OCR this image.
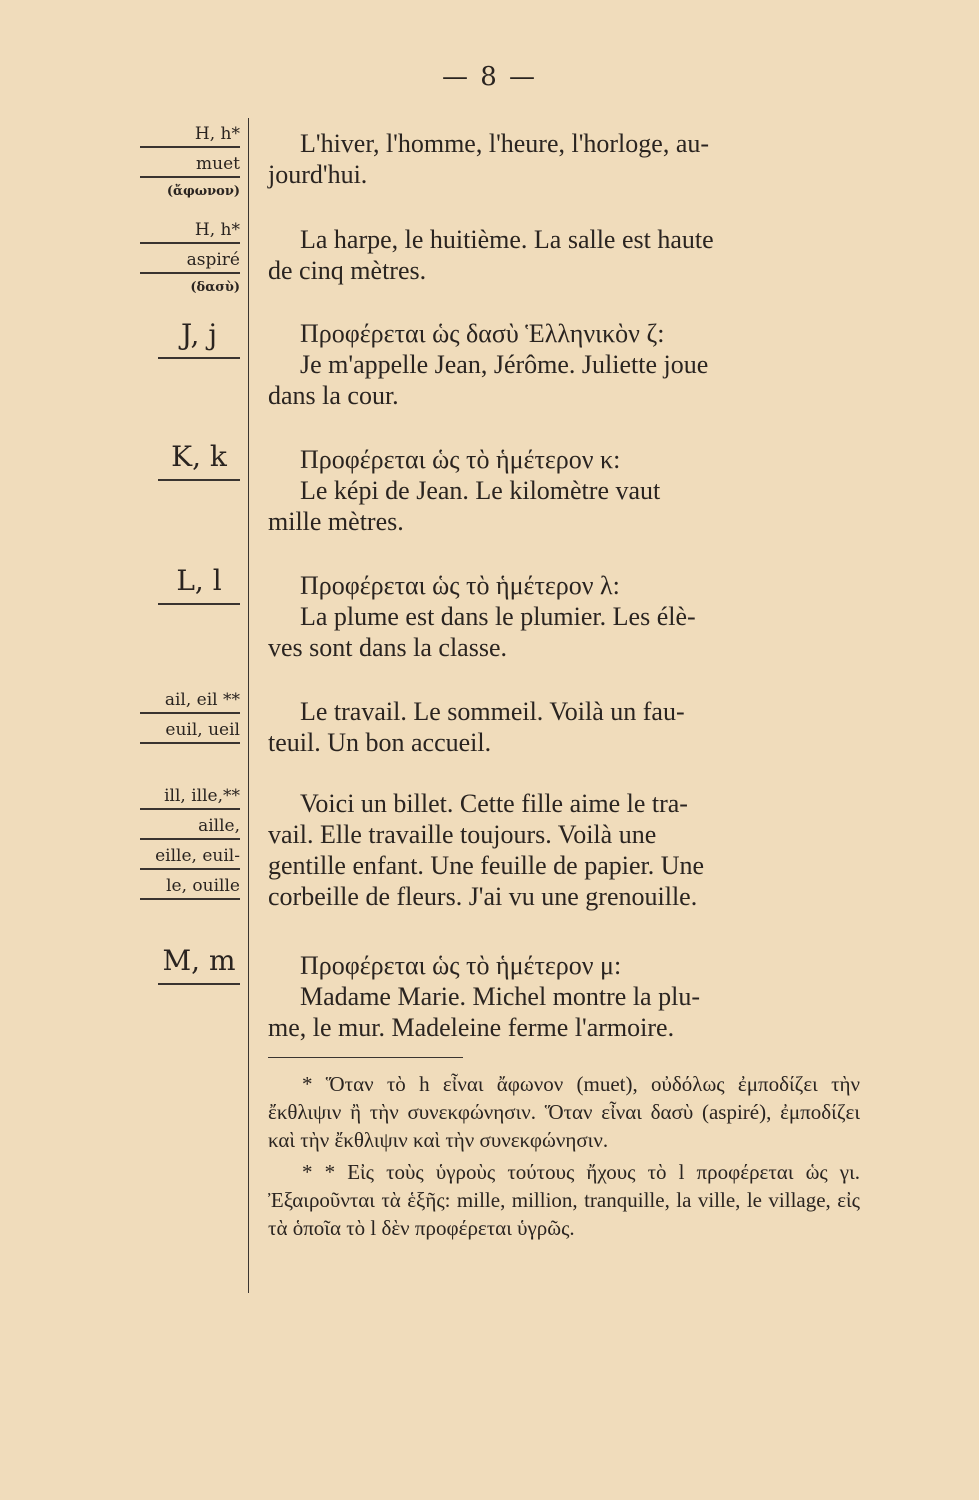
— 8 —
H, h*
muet
(ἄφωνον)
H, h*
aspiré
(δασὺ)
J, j
K, k
L, l
ail, eil **
euil, ueil
ill, ille,**
aille,
eille, euil-
le, ouille
M, m

L'hiver, l'homme, l'heure, l'horloge, au-

jourd'hui.

La harpe, le huitième. La salle est haute

de cinq mètres.

Προφέρεται ὡς δασὺ Ἑλληνικὸν ζ:

Je m'appelle Jean, Jérôme. Juliette joue

dans la cour.

Προφέρεται ὡς τὸ ἡμέτερον κ:

Le képi de Jean. Le kilomètre vaut

mille mètres.

Προφέρεται ὡς τὸ ἡμέτερον λ:

La plume est dans le plumier. Les élè-

ves sont dans la classe.

Le travail. Le sommeil. Voilà un fau-

teuil. Un bon accueil.

Voici un billet. Cette fille aime le tra-

vail. Elle travaille toujours. Voilà une

gentille enfant. Une feuille de papier. Une

corbeille de fleurs. J'ai vu une grenouille.

Προφέρεται ὡς τὸ ἡμέτερον μ:

Madame Marie. Michel montre la plu-

me, le mur. Madeleine ferme l'armoire.

* Ὅταν τὸ h εἶναι ἄφωνον (muet), οὐδόλως ἐμποδίζει τὴν ἔκθλιψιν ἢ τὴν συνεκφώνησιν. Ὅταν εἶναι δασὺ (aspiré), ἐμποδίζει καὶ τὴν ἔκθλιψιν καὶ τὴν συνεκφώνησιν.

* * Εἰς τοὺς ὑγροὺς τούτους ἤχους τὸ l προφέρεται ὡς γι. Ἐξαιροῦνται τὰ ἑξῆς: mille, million, tranquille, la ville, le village, εἰς τὰ ὁποῖα τὸ l δὲν προφέρεται ὑγρῶς.
